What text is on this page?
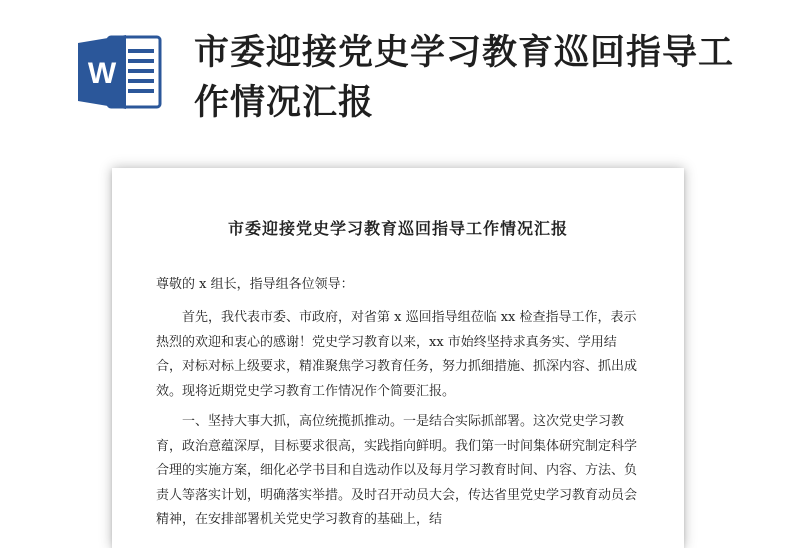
W
市委迎接党史学习教育巡回指导工作情况汇报
市委迎接党史学习教育巡回指导工作情况汇报

尊敬的 x 组长，指导组各位领导：

首先，我代表市委、市政府，对省第 x 巡回指导组莅临 xx 检查指导工作，表示热烈的欢迎和衷心的感谢！党史学习教育以来，xx 市始终坚持求真务实、学用结合，对标对标上级要求，精准聚焦学习教育任务，努力抓细措施、抓深内容、抓出成效。现将近期党史学习教育工作情况作个简要汇报。

一、坚持大事大抓，高位统揽抓推动。一是结合实际抓部署。这次党史学习教育，政治意蕴深厚，目标要求很高，实践指向鲜明。我们第一时间集体研究制定科学合理的实施方案，细化必学书目和自选动作以及每月学习教育时间、内容、方法、负责人等落实计划，明确落实举措。及时召开动员大会，传达省里党史学习教育动员会精神，在安排部署机关党史学习教育的基础上，结
